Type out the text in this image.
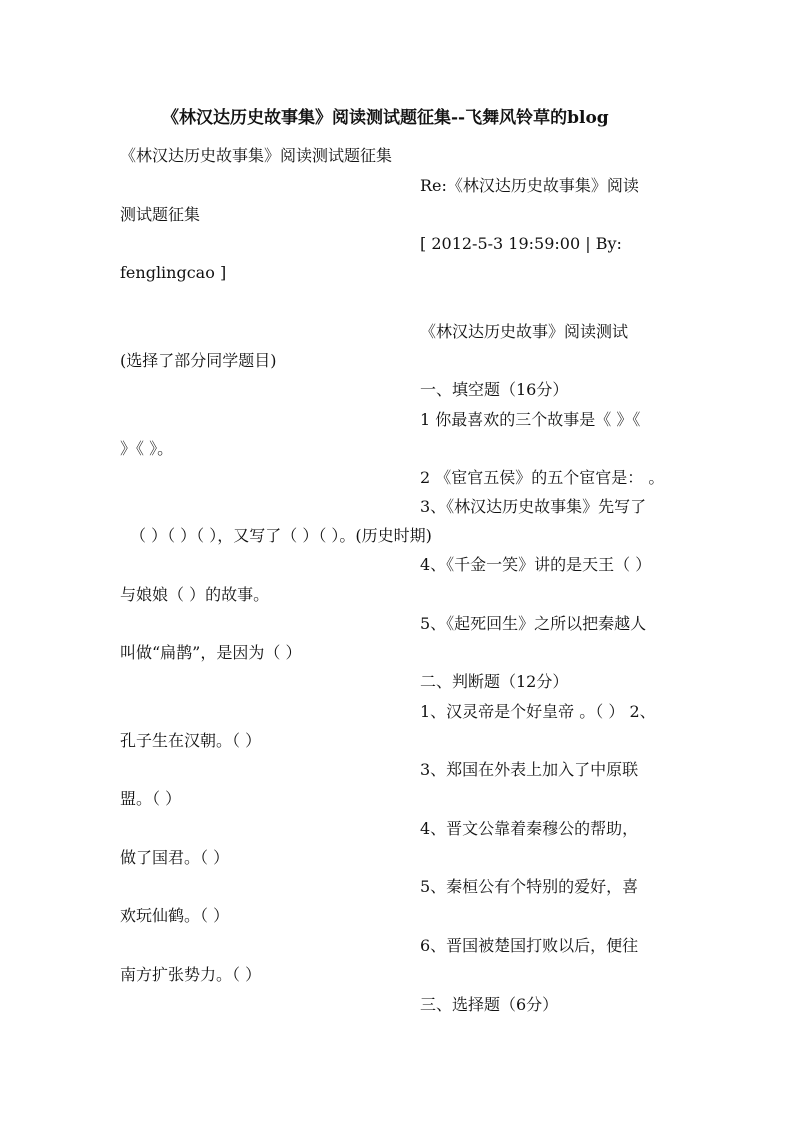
《林汉达历史故事集》阅读测试题征集--飞舞风铃草的blog
《林汉达历史故事集》阅读测试题征集
Re:《林汉达历史故事集》阅读
测试题征集
[ 2012-5-3 19:59:00 | By:
fenglingcao ]
《林汉达历史故事》阅读测试
(选择了部分同学题目)
一、填空题（16分）
1 你最喜欢的三个故事是《 》《
》《 》。
2 《宦官五侯》的五个宦官是： 。
3、《林汉达历史故事集》先写了
（ ）（ ）（ ），又写了（ ）（ ）。(历史时期)
4、《千金一笑》讲的是天王（ ）
与娘娘（ ）的故事。
5、《起死回生》之所以把秦越人
叫做“扁鹊”，是因为（ ）
二、判断题（12分）
1、汉灵帝是个好皇帝 。（ ） 2、
孔子生在汉朝。（ ）
3、郑国在外表上加入了中原联
盟。（ ）
4、晋文公靠着秦穆公的帮助，
做了国君。（ ）
5、秦桓公有个特别的爱好，喜
欢玩仙鹤。（ ）
6、晋国被楚国打败以后，便往
南方扩张势力。（ ）
三、选择题（6分）
